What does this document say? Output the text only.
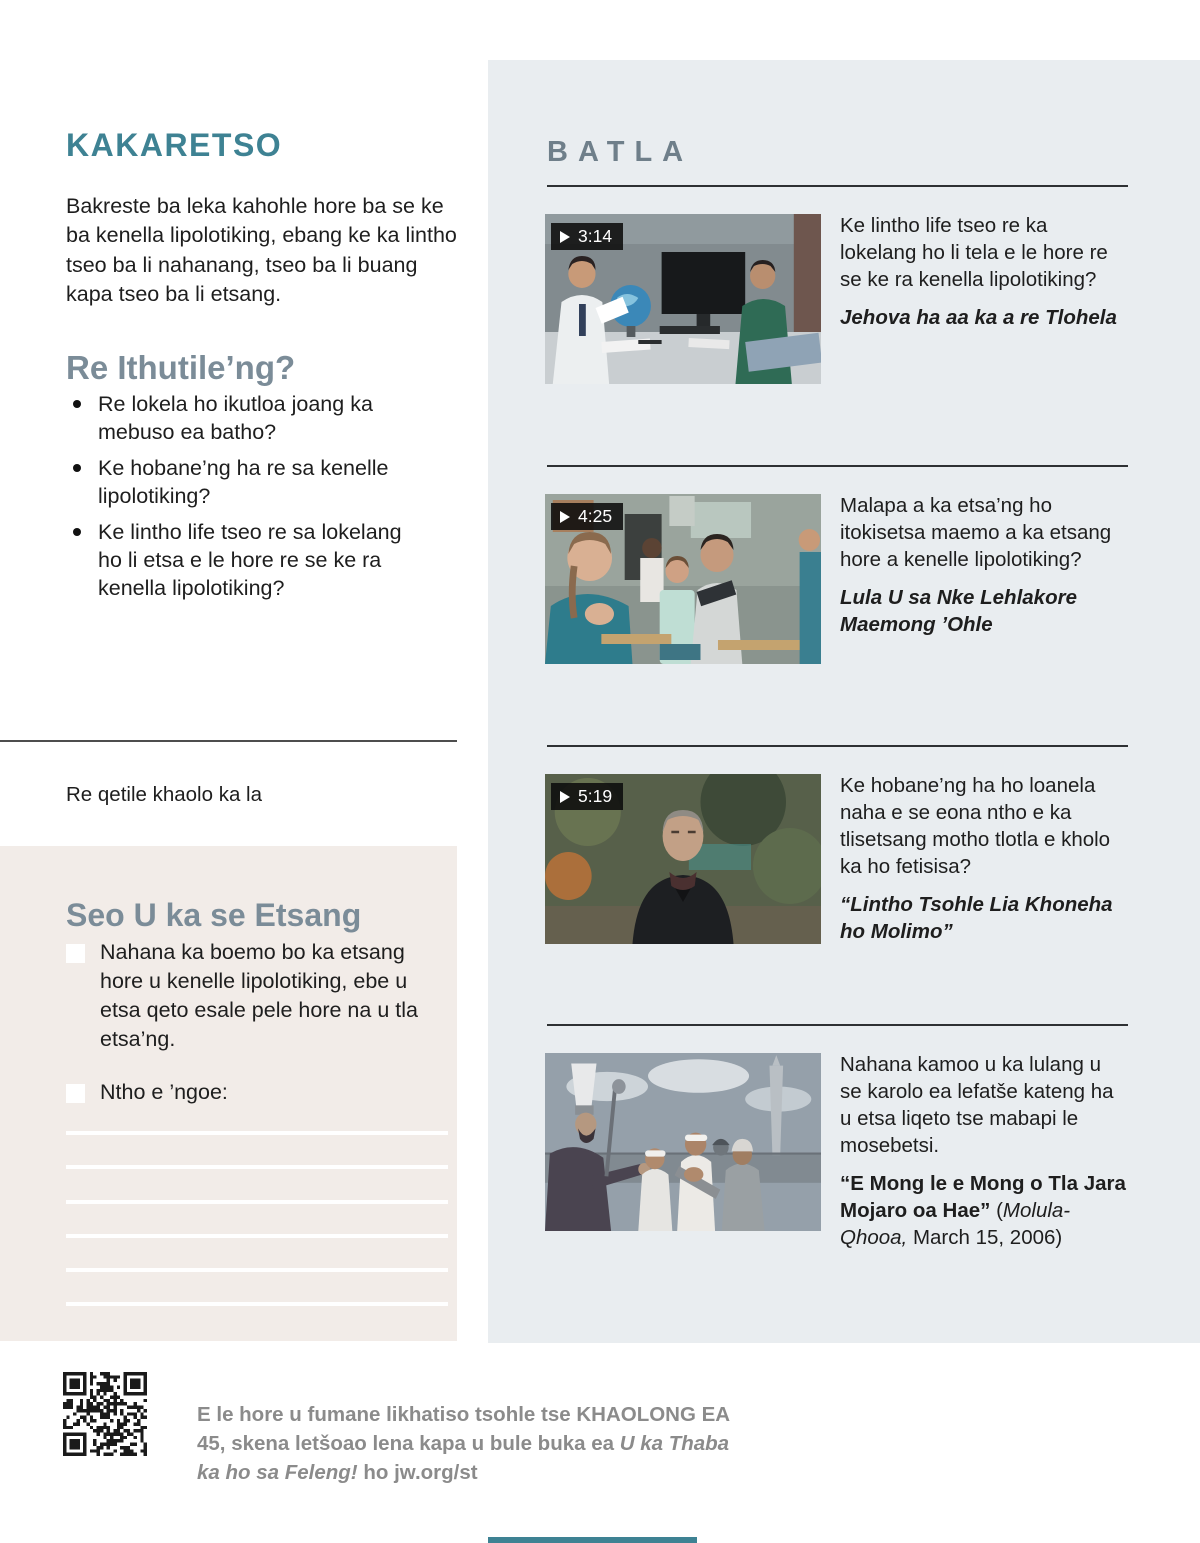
KAKARETSO

Bakreste ba leka kahohle hore ba se ke ba kenella lipolotiking, ebang ke ka lintho tseo ba li nahanang, tseo ba li buang kapa tseo ba li etsang.

Re Ithutile’ng?
Re lokela ho ikutloa joang ka mebuso ea batho?
Ke hobane’ng ha re sa kenelle lipolotiking?
Ke lintho life tseo re sa lokelang ho li etsa e le hore re se ke ra kenella lipolotiking?

Re qetile khaolo ka la

Seo U ka se Etsang

Nahana ka boemo bo ka etsang hore u kenelle lipolotiking, ebe u etsa qeto esale pele hore na u tla etsa’ng.

Ntho e ’ngoe:

E le hore u fumane likhatiso tsohle tse KHAOLONG EA 45, skena letšoao lena kapa u bule buka ea U ka Thaba ka ho sa Feleng! ho jw.org/st

BATLA
3:14	Ke lintho life tseo re ka lokelang ho li tela e le hore re se ke ra kenella lipolotiking?

Jehova ha aa ka a re Tlohela

4:25	Malapa a ka etsa’ng ho itokisetsa maemo a ka etsang hore a kenelle lipolotiking?

Lula U sa Nke Lehlakore Maemong ’Ohle

5:19	Ke hobane’ng ha ho loanela naha e se eona ntho e ka tlisetsang motho tlotla e kholo ka ho fetisisa?

“Lintho Tsohle Lia Khoneha ho Molimo”

Nahana kamoo u ka lulang u se karolo ea lefatše kateng ha u etsa liqeto tse mabapi le mosebetsi.

“E Mong le e Mong o Tla Jara Mojaro oa Hae” (Molula-Qhooa, March 15, 2006)
